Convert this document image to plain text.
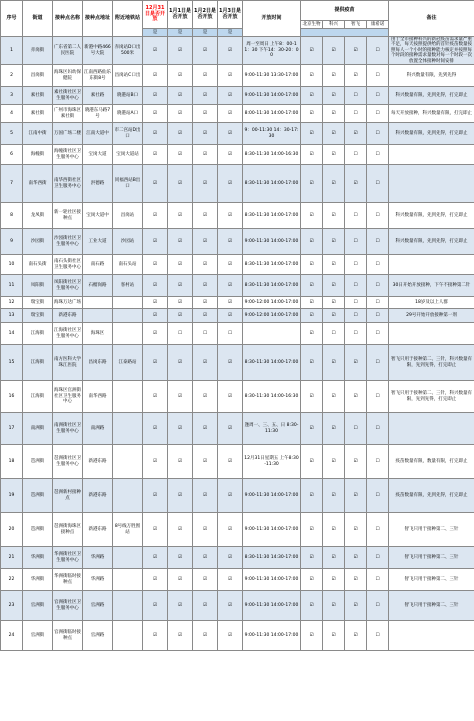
序号	街道	接种点名称	接种点地址	附近地铁站	12月31日是否开放	1月1日是否开放	1月2日是否开放	1月3日是否开放	开放时间	提供疫苗				备注
										北京生物	科兴	智飞	康希诺	
					是	是	是	是						
1	赤岗街	广东省第二人民医院	新港中路466号大院	赤岗站D口出500米	☑	☑	☑	☑	周一至周日 上午8：00-11：30 下午14：30-20：00	☑	☑	☑	☐	由于全市接种科兴的新冠疫苗需求量严重不足，每天按照提供给的首针疫苗数量按照每人一个小时的接种能力核定并按照每个时段的接种需求量数对每一个时段一次放置全体接种时间安排
2	昌岗街	海珠区妇幼保健院	江南西路仙乐东街8号	昌岗站C口出	☑	☑	☑	☑	9:00-11:30 13:30-17:00	☑	☑	☑	☐	科兴数量有限，先到先得
3	素社街	素社街社区卫生服务中心	素社路	晓港站B口	☑	☑	☑	☑	9:00-11:30 14:00-17:00	☑	☑	☐	☐	科兴数量有限，先到先得，打完即止
4	素社街	广州市海珠区素社街	晓港东马路7号	晓港站A口	☑	☑	☑	☑	8:00-11:30 14:00-17:00	☑	☑	☐	☐	每天开放接种，科兴数量有限，打完即止
5	江南中街	万国广场二楼	江南大道中	市二宫站D出口	☑	☑	☑	☑	9：00-11:30 14：30-17:30	☑	☑	☑	☐	科兴数量有限，先到先得，打完即止
6	海幢街	海幢街社区卫生服务中心	宝岗大道	宝岗大道站	☑	☑	☑	☑	8:30-11:30 14:00-16:30	☑	☑	☐	☐	
7	南华西街	南华西街社区卫生服务中心	洪德路	同福西站B出口	☑	☑	☑	☑	8:30-11:30 14:00-17:00	☑	☑	☑	☐	
8	龙凤街	新一轮社区接种点	宝岗大道中	昌岗站	☑	☑	☑	☑	8:30-11:30 14:00-17:00	☑	☑	☐	☐	科兴数量有限，先到先得，打完即止
9	沙园街	沙园街社区卫生服务中心	工业大道	沙园站	☑	☑	☑	☑	9:00-11:30 14:00-17:00	☑	☑	☐	☐	科兴数量有限，先到先得，打完即止
10	南石头街	南石头街社区卫生服务中心	南石路	南石头站	☑	☑	☑	☑	8:30-11:30 14:00-17:00	☑	☑	☐	☐	
11	凤阳街	凤阳街社区卫生服务中心	石榴岗路	客村站	☑	☑	☑	☑	8:30-11:30 14:00-17:00	☑	☑	☐	☐	30日开始开放接种，下午不接种第二针
12	瑞宝街	海珠万达广场			☑	☑	☑	☑	9:00-12:00 14:00-17:00	☑	☑	☐	☐	18岁及以上人群
13	瑞宝街	新港东路			☑	☑	☑	☑	9:00-12:00 14:00-17:00	☑	☑	☐	☐	29号开始开放接种第一剂
14	江海街	江海街社区卫生服务中心	海珠区		☑	☐	☐	☐		☑	☐	☐	☐	
15	江海街	南方医科大学珠江医院	昌岗东路	江泰路站	☑	☑	☑	☑	8:30-11:30 14:00-17:00	☑	☑	☑	☐	智飞只用于接种第二、三针，科兴数量有限，先到先得，打完即止
16	江海街	海珠区官洲街社区卫生服务中心	南华西路		☑	☑	☑	☑	8:30-11:30 14:00-16:30	☑	☑	☑	☐	智飞只用于接种第二、三针，科兴数量有限，先到先得，打完即止
17	南洲街	南洲街社区卫生服务中心	南洲路		☑	☑	☑	☑	逢周一、三、五、日 8:30-11:30	☑	☑	☐	☐	
18	琶洲街	琶洲街社区卫生服务中心	新港东路		☑	☑	☑	☑	12月31日星期五 上午8:30-11:30	☑	☑	☑	☐	疫苗数量有限，数量有限，打完即止
19	琶洲街	琶洲新村接种点	新港东路		☑	☑	☑	☑	9:00-11:30 14:00-17:00	☑	☑	☑	☐	疫苗数量有限，先到先得，打完即止
20	琶洲街	琶洲街海珠区接种点	新港东路	8号线万胜围站	☑	☑	☑	☑	9:00-11:30 14:00-17:00	☑	☑	☑	☐	智飞只用于接种第二、三针
21	华洲街	华洲街社区卫生服务中心	华洲路		☑	☑	☑	☑	8:30-11:30 14:30-17:00	☑	☑	☑	☐	智飞只用于接种第二、三针
22	华洲街	华洲街临时接种点	华洲路		☑	☑	☑	☑	9:00-11:30 14:00-17:00	☑	☑	☑	☐	智飞只用于接种第二、三针
23	官洲街	官洲街社区卫生服务中心	官洲路		☑	☑	☑	☑	9:00-11:30 14:00-17:00	☑	☑	☑	☐	智飞只用于接种第二、三针
24	官洲街	官洲街临时接种点	官洲路		☑	☑	☑	☑	9:00-11:30 14:00-17:00	☑	☑	☑	☐	
